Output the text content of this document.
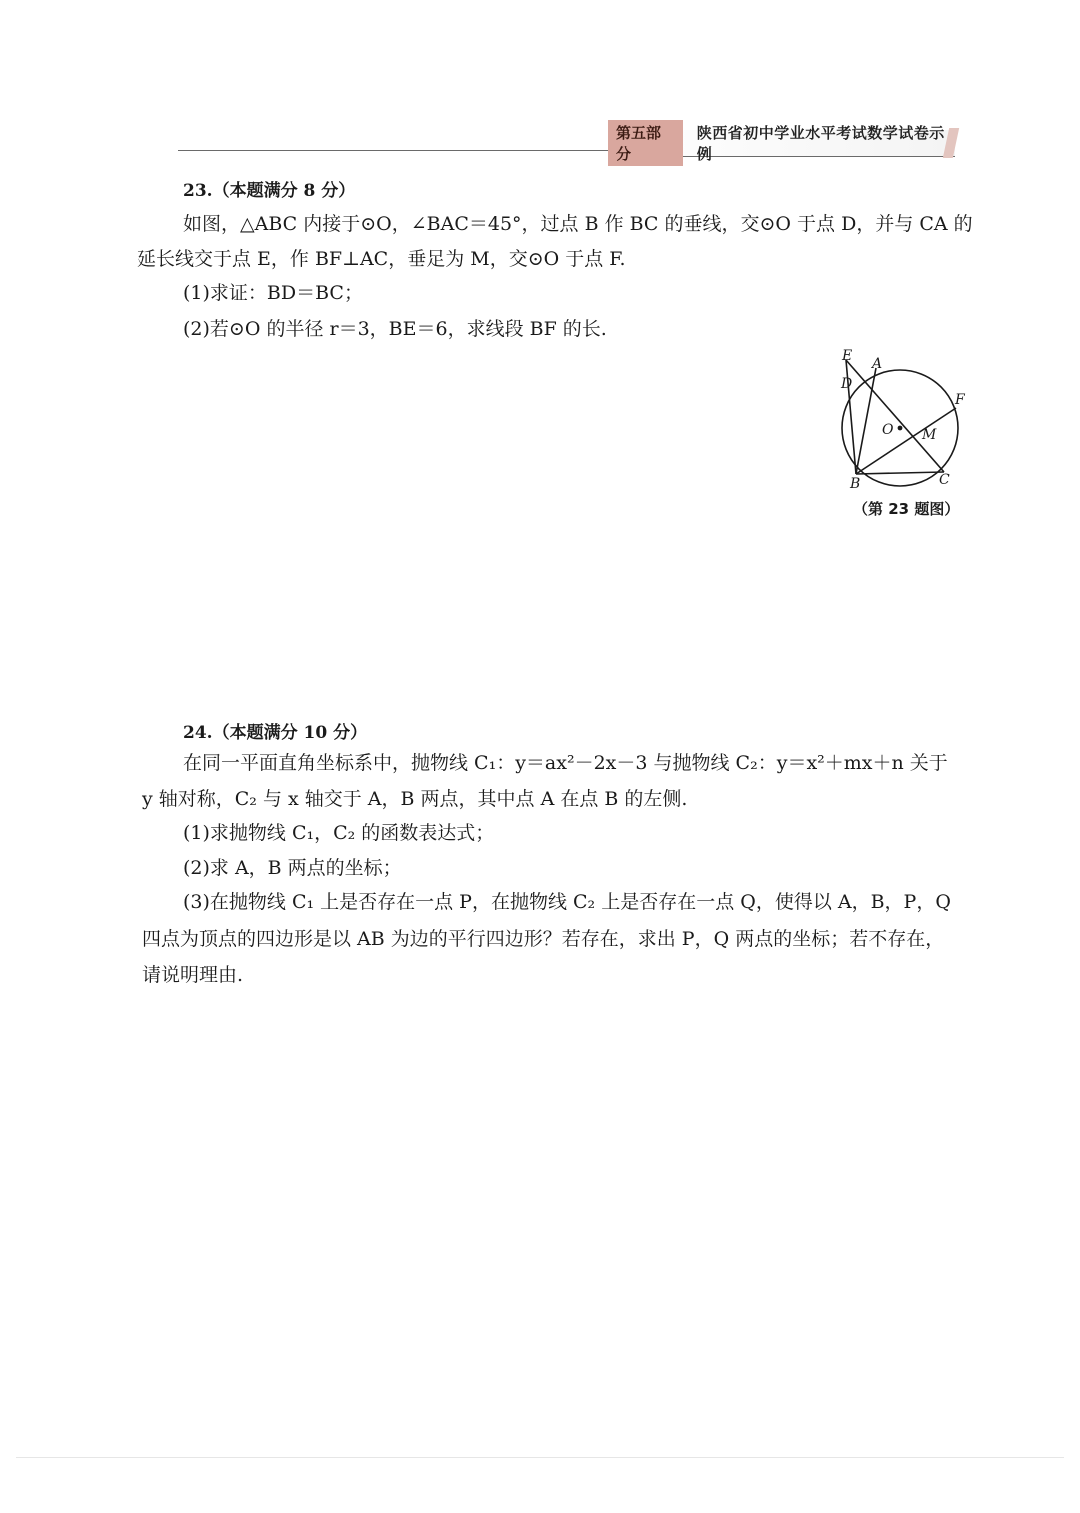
第五部分
陕西省初中学业水平考试数学试卷示例
23.（本题满分 8 分）
如图，△ABC 内接于⊙O，∠BAC＝45°，过点 B 作 BC 的垂线，交⊙O 于点 D，并与 CA 的
延长线交于点 E，作 BF⊥AC，垂足为 M，交⊙O 于点 F.
(1)求证：BD＝BC；
(2)若⊙O 的半径 r＝3，BE＝6，求线段 BF 的长.
E A
D
F
O M
B	C
（第 23 题图）
24.（本题满分 10 分）
在同一平面直角坐标系中，抛物线 C₁：y＝ax²－2x－3 与抛物线 C₂：y＝x²＋mx＋n 关于
y 轴对称，C₂ 与 x 轴交于 A，B 两点，其中点 A 在点 B 的左侧.
(1)求抛物线 C₁，C₂ 的函数表达式；
(2)求 A，B 两点的坐标；
(3)在抛物线 C₁ 上是否存在一点 P，在抛物线 C₂ 上是否存在一点 Q，使得以 A，B，P，Q
四点为顶点的四边形是以 AB 为边的平行四边形？若存在，求出 P，Q 两点的坐标；若不存在，
请说明理由.
